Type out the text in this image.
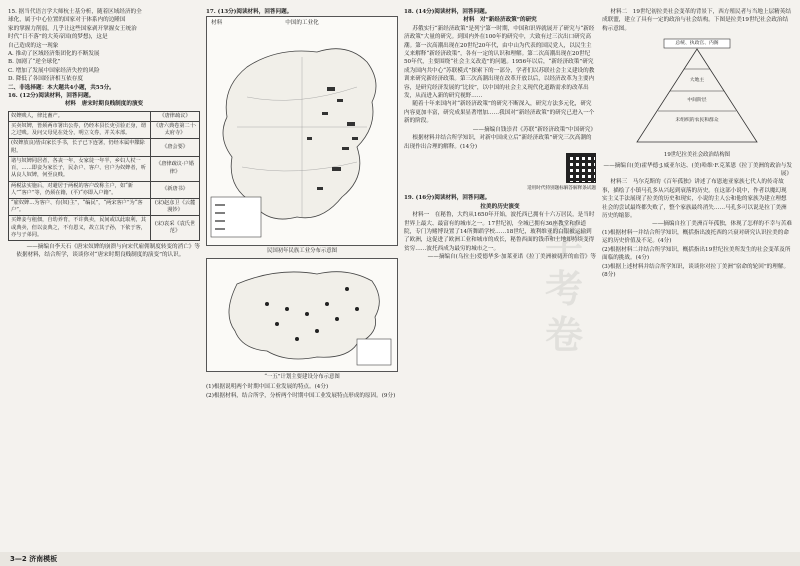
学
考
卷

15. 据当代语言学大师杭士基分析，随着区域经济的全

球化，属于中心位置的国家对于体系内的边陲国

家的掌握力削弱，几乎让这些国家剥开掌握女王统治

时代“日不落”的大英帝国(的梦想)，这是

自己造成的这一现象

A. 推动了区域经济集团化的不断发展

B. 加剧了“逆全球化”

C. 增加了发展中国家经济失控的风险

D. 降低了各国经济相互依存度

二、非选择题：本大题共4小题，共55分。

16. (12分)阅读材料，回答问题。

材料　唐宋时期良贱制度的演变

奴婢贱人，律比畜产。	《唐律疏议》
买卖奴婢，皆须两市署出公券，仍经本县长吏引验正身，谓之过贱。及问父母见在处分，明立文券，并关本部。	《唐六典卷第二十·太府寺》
(奴婢放良)皆由家长手书，长子已下连署，仍经本属申牒除附。	《唐会要》
诸与奴婢同居者，各丧一年，女家徒一年半，乡妇人杖一百，……即妾为家长子，民杂户、客户、官户为奴婢者，听从良人奴婢，何至良贱。	《唐律疏议·户婚律》
两税法实施后，对避居于两税的客户改称主户，如“新人”“客户”等，仍须在籍，(平)“亦即入户籍”。	《新唐书》
“雇奴婢…为客户、有(奴)主”，“编民”，“两宋客户”为“客户”。	(宋)赵彦卫《云麓漫钞》
买婢妾与租佃，自幼养育，不许典卖，民间或以此取利，其或典卖，但以妾典之，不有恩义，故立其子孙，下依于客，亦与子弟同。	(宋)袁采《袁氏世范》

——摘编自李天石《唐宋奴婢的崩溃与向宋代雇佣制度转变的消亡》等

依据材料，结合所学，谈谈你对“唐宋时期良贱制度的演变”的认识。

17. (13分)阅读材料，回答问题。

材料	中国的工业化

民国初年民族工业分布示意图

“一五”计划主要建设分布示意图

(1)根据说明两个时期中国工业发展的特点。(4分)

(2)根据材料，结合所学，分析两个时期中国工业发展特点形成的原因。(9分)

18. (14分)阅读材料，回答问题。

材料　对“新经济政策”的研究

苏俄实行“新经济政策”是列宁第一时期，中国和识界就展开了研究与“新经济政策”大量的研究。到国内外在100年的研究中，大致有过三次出口研究高潮。第一次高潮出现在20世纪20年代，由中山为代表的国民党人，以民生主义来解释“新经济政策”，各有一定的认识和理解。第二次高潮出现在20世纪50年代，主要围绕“社会主义改造”的问题。1956年以后，“新经济政策”研究成为国内共中心“苏联模式”探索下的一部分，学者们以苏联社会主义建设的教训来研究新经济政策。第三次高潮出现在改革开放以后，以经济改革为主要内容，是研究经济发展的“比较”，以中国的社会主义现代化道路需求的改革出发，从而进入新的研究视野……

随着十年来国内对“新经济政策”的研究不断深入，研究方法多元化，研究内容更加丰富，研究成果显著增加……我国对“新经济政策”的研究已进入一个新的阶段。

——摘编自钱崇君《苏联“新经济政策”中国研究》

根据材料并结合所学知识，对新中国成立后“新经济政策”研究三次高潮的出现作出合理的解释。(14分)

适用时代特别题标解答解释条试题

19. (16分)阅读材料，回答问题。

拉美的历史演变

材料一　在秘鲁，大约从1650年开始，波托西已拥有十六万居民，是当时世界上最大、最富有的城市之一。17世纪初，全城已拥有36座教堂和修道院，专门为赌博设置了14所舞蹈学校……18世纪，玻利维亚的白银被运输到了欧洲，这促进了欧洲工业和城市的成长，秘鲁西面的钱币和土地却持续变得贫穷……波托西成为最穷的城市之一。

——摘编自(乌拉圭)爱德华多·加莱亚诺《拉丁美洲被切开的血管》等

材料二　19世纪初拉美社会变革的背景下，西方殖民者与当地上层精英结成联盟，建立了具有一定的政治与社会结构。下图是拉美19世纪社会政治结构示意图。

总统、执政官、内阁
大地主
中间阶层
未组织的农民和群众

19世纪拉美社会政治结构图

——摘编自(美)霍华德·J.威亚尔达、(美)哈维·F.克莱恩《拉丁美洲的政治与发展》

材料三　马尔克斯的《百年孤独》讲述了布恩迪亚家族七代人的传奇故事，描绘了小镇马孔多从兴起到衰落的历史。在这部小说中，作者以魔幻现实主义手法展现了拉美的历史和现实，小说的主人公和他的家族为建立理想社会的尝试最终都失败了，整个家族最终消失……马孔多可以说是拉丁美洲历史的缩影。

——摘编自拉丁美洲百年孤独，体现了怎样的不幸与苦难

(1)根据材料一并结合所学知识，概括指出波托西的兴衰对研究认识拉美的命运的历史价值及不足。(4分)

(2)根据材料二并结合所学知识，概括指出19世纪拉美所发生的社会变革及所面临的挑战。(4分)

(3)根据上述材料并结合所学知识，谈谈你对拉丁美洲“宿命的轮回”的理解。(8分)

3—2 济南模板
